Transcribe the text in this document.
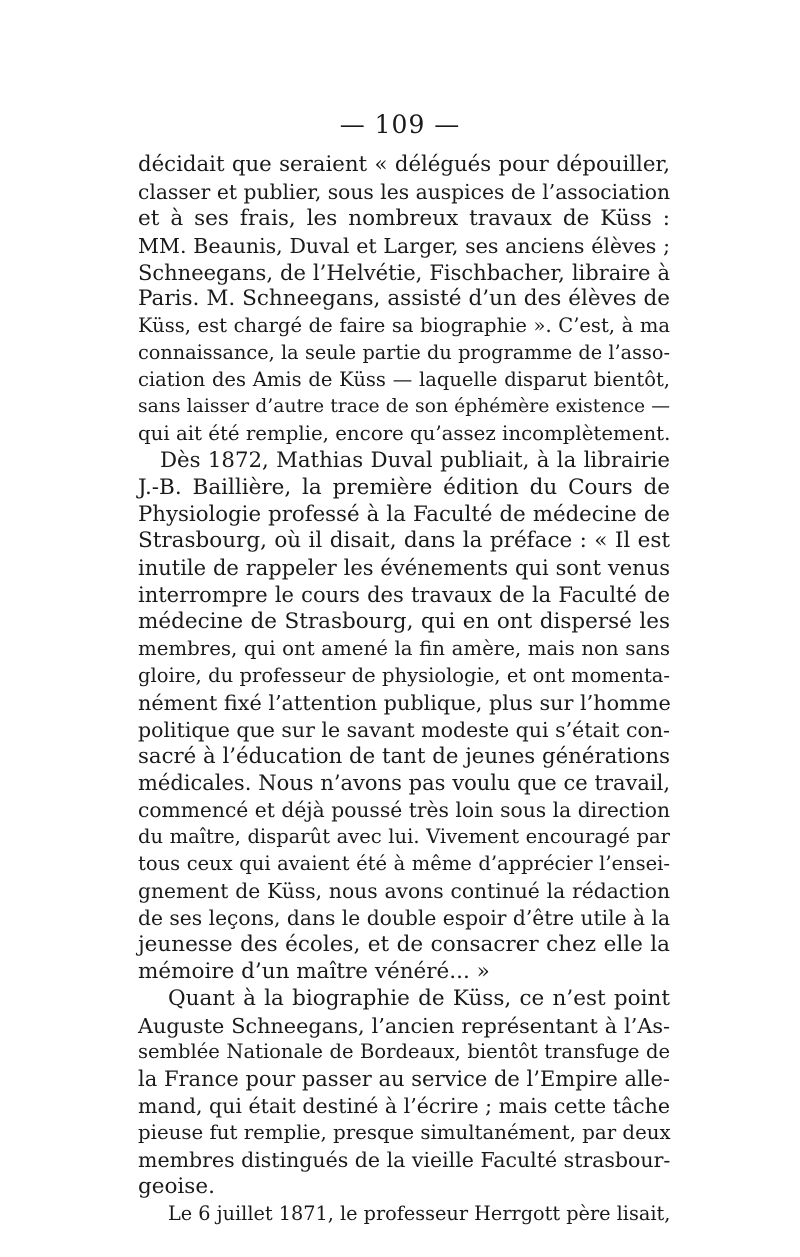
— 109 —
décidait que seraient « délégués pour dépouiller,
classer et publier, sous les auspices de l’association
et à ses frais, les nombreux travaux de Küss :
MM. Beaunis, Duval et Larger, ses anciens élèves ;
Schneegans, de l’Helvétie, Fischbacher, libraire à
Paris. M. Schneegans, assisté d’un des élèves de
Küss, est chargé de faire sa biographie ». C’est, à ma
connaissance, la seule partie du programme de l’asso-
ciation des Amis de Küss — laquelle disparut bientôt,
sans laisser d’autre trace de son éphémère existence —
qui ait été remplie, encore qu’assez incomplètement.
Dès 1872, Mathias Duval publiait, à la librairie
J.-B. Baillière, la première édition du Cours de
Physiologie professé à la Faculté de médecine de
Strasbourg, où il disait, dans la préface : « Il est
inutile de rappeler les événements qui sont venus
interrompre le cours des travaux de la Faculté de
médecine de Strasbourg, qui en ont dispersé les
membres, qui ont amené la fin amère, mais non sans
gloire, du professeur de physiologie, et ont momenta-
nément fixé l’attention publique, plus sur l’homme
politique que sur le savant modeste qui s’était con-
sacré à l’éducation de tant de jeunes générations
médicales. Nous n’avons pas voulu que ce travail,
commencé et déjà poussé très loin sous la direction
du maître, disparût avec lui. Vivement encouragé par
tous ceux qui avaient été à même d’apprécier l’ensei-
gnement de Küss, nous avons continué la rédaction
de ses leçons, dans le double espoir d’être utile à la
jeunesse des écoles, et de consacrer chez elle la
mémoire d’un maître vénéré... »
Quant à la biographie de Küss, ce n’est point
Auguste Schneegans, l’ancien représentant à l’As-
semblée Nationale de Bordeaux, bientôt transfuge de
la France pour passer au service de l’Empire alle-
mand, qui était destiné à l’écrire ; mais cette tâche
pieuse fut remplie, presque simultanément, par deux
membres distingués de la vieille Faculté strasbour-
geoise.
Le 6 juillet 1871, le professeur Herrgott père lisait,
